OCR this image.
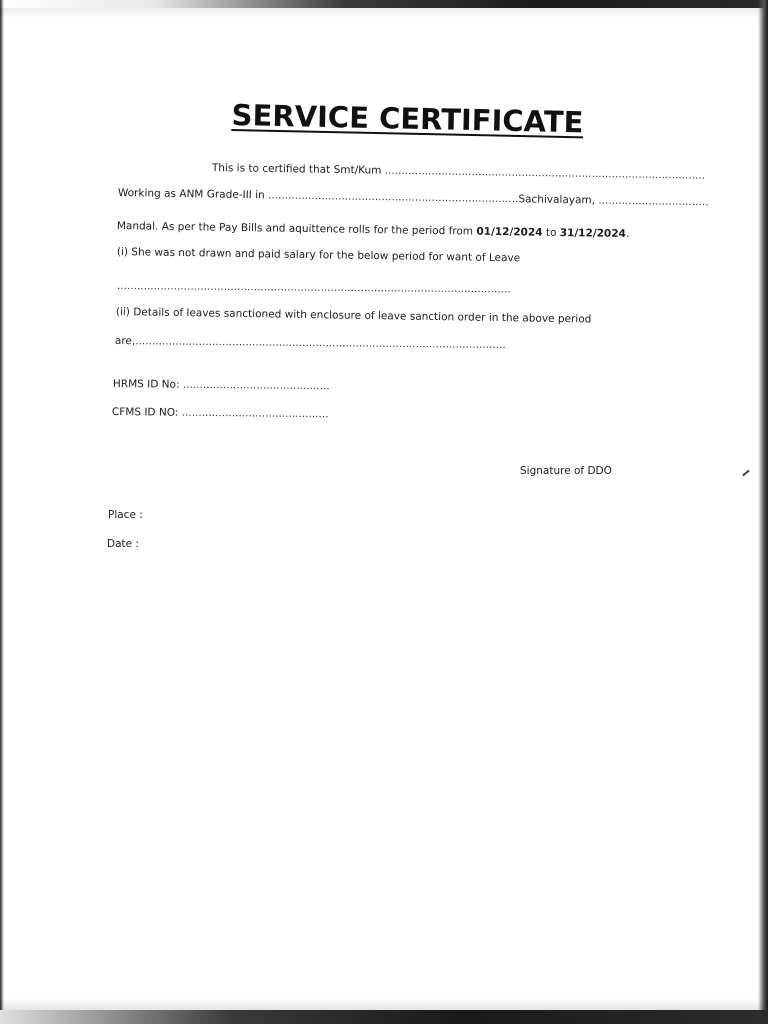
SERVICE CERTIFICATE
This is to certified that Smt/Kum ................................................................................................
Working as ANM Grade-III in ...........................................................................Sachivalayam, .................................
Mandal. As per the Pay Bills and aquittence rolls for the period from 01/12/2024 to 31/12/2024.
(i) She was not drawn and paid salary for the below period for want of Leave
......................................................................................................................
(ii) Details of leaves sanctioned with enclosure of leave sanction order in the above period
are,...............................................................................................................
HRMS ID No: ............................................
CFMS ID NO: ............................................
Signature of DDO
Place :
Date :
